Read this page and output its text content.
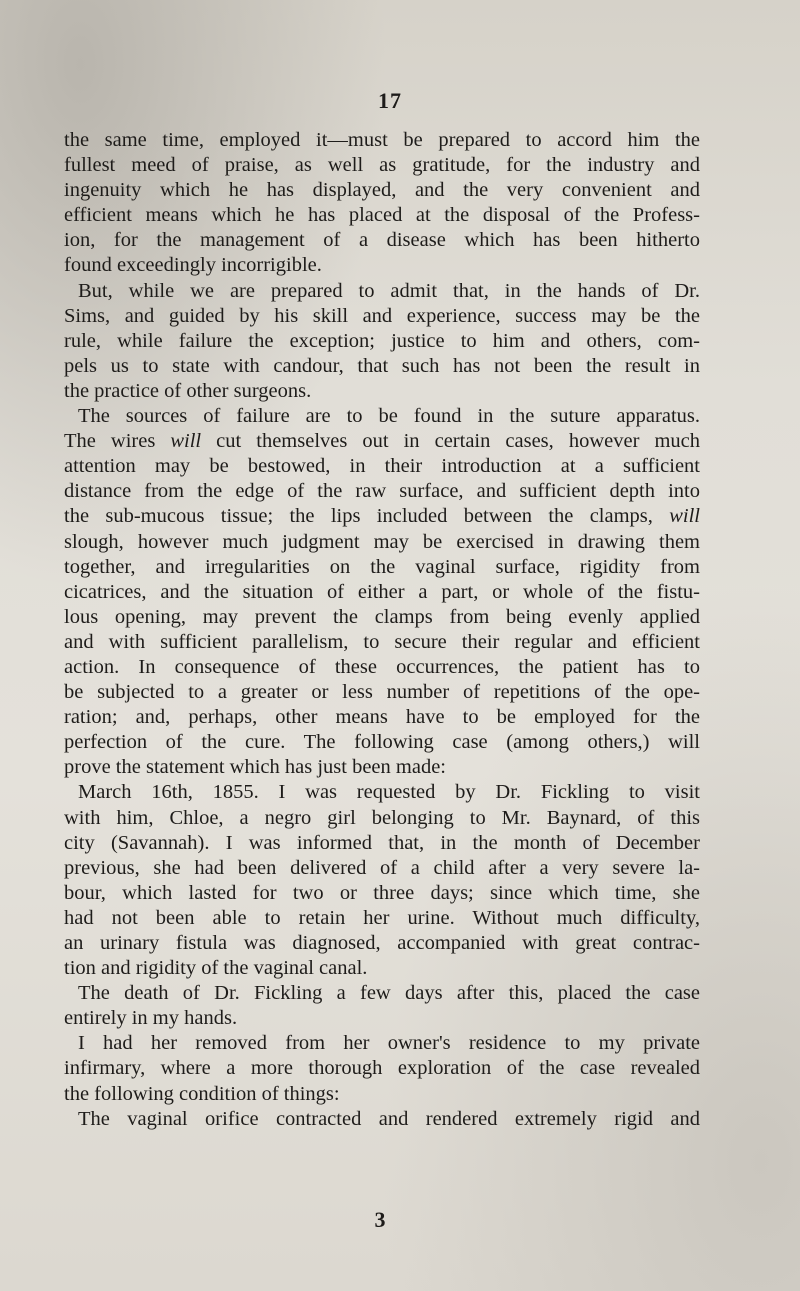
17
the same time, employed it—must be prepared to accord him the
fullest meed of praise, as well as gratitude, for the industry and
ingenuity which he has displayed, and the very convenient and
efficient means which he has placed at the disposal of the Profess-
ion, for the management of a disease which has been hitherto
found exceedingly incorrigible.
But, while we are prepared to admit that, in the hands of Dr.
Sims, and guided by his skill and experience, success may be the
rule, while failure the exception; justice to him and others, com-
pels us to state with candour, that such has not been the result in
the practice of other surgeons.
The sources of failure are to be found in the suture apparatus.
The wires will cut themselves out in certain cases, however much
attention may be bestowed, in their introduction at a sufficient
distance from the edge of the raw surface, and sufficient depth into
the sub-mucous tissue; the lips included between the clamps, will
slough, however much judgment may be exercised in drawing them
together, and irregularities on the vaginal surface, rigidity from
cicatrices, and the situation of either a part, or whole of the fistu-
lous opening, may prevent the clamps from being evenly applied
and with sufficient parallelism, to secure their regular and efficient
action. In consequence of these occurrences, the patient has to
be subjected to a greater or less number of repetitions of the ope-
ration; and, perhaps, other means have to be employed for the
perfection of the cure. The following case (among others,) will
prove the statement which has just been made:
March 16th, 1855. I was requested by Dr. Fickling to visit
with him, Chloe, a negro girl belonging to Mr. Baynard, of this
city (Savannah). I was informed that, in the month of December
previous, she had been delivered of a child after a very severe la-
bour, which lasted for two or three days; since which time, she
had not been able to retain her urine. Without much difficulty,
an urinary fistula was diagnosed, accompanied with great contrac-
tion and rigidity of the vaginal canal.
The death of Dr. Fickling a few days after this, placed the case
entirely in my hands.
I had her removed from her owner's residence to my private
infirmary, where a more thorough exploration of the case revealed
the following condition of things:
The vaginal orifice contracted and rendered extremely rigid and
3
